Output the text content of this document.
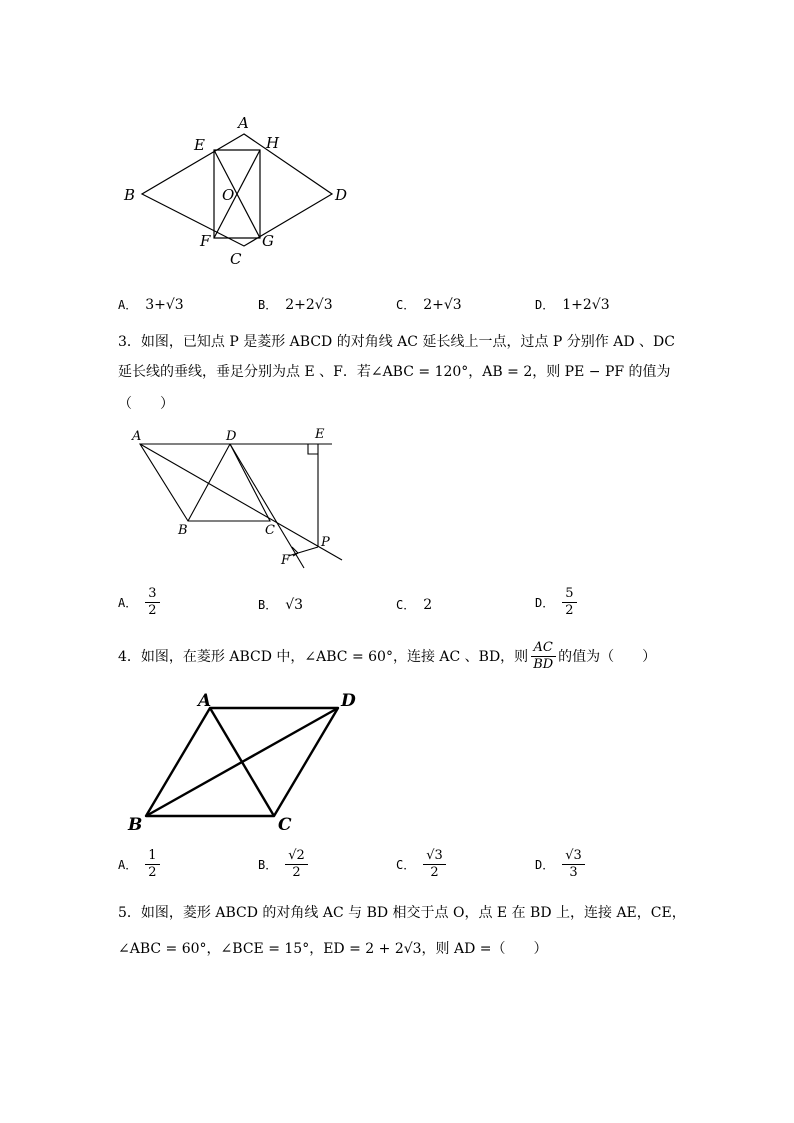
A
E	H
B	O	D
F	G
C
A． 3+√3	B． 2+2√3	C． 2+√3	D． 1+2√3
3．如图，已知点 P 是菱形 ABCD 的对角线 AC 延长线上一点，过点 P 分别作 AD 、DC
延长线的垂线，垂足分别为点 E 、F．若∠ABC = 120°，AB = 2，则 PE − PF 的值为
（　　）
A	D	E
B	C
P
F
A． $\frac{3}{2}$	B． √3	C． 2	D． $\frac{5}{2}$
4．如图，在菱形 ABCD 中，∠ABC = 60°，连接 AC 、BD，则 $\frac{AC}{BD}$ 的值为（　　）
A	D
B	C
A． $\frac{1}{2}$	B． $\frac{√2}{2}$	C． $\frac{√3}{2}$	D． $\frac{√3}{3}$
5．如图，菱形 ABCD 的对角线 AC 与 BD 相交于点 O，点 E 在 BD 上，连接 AE，CE，
∠ABC = 60°，∠BCE = 15°，ED = 2 + 2√3，则 AD =（　　）
